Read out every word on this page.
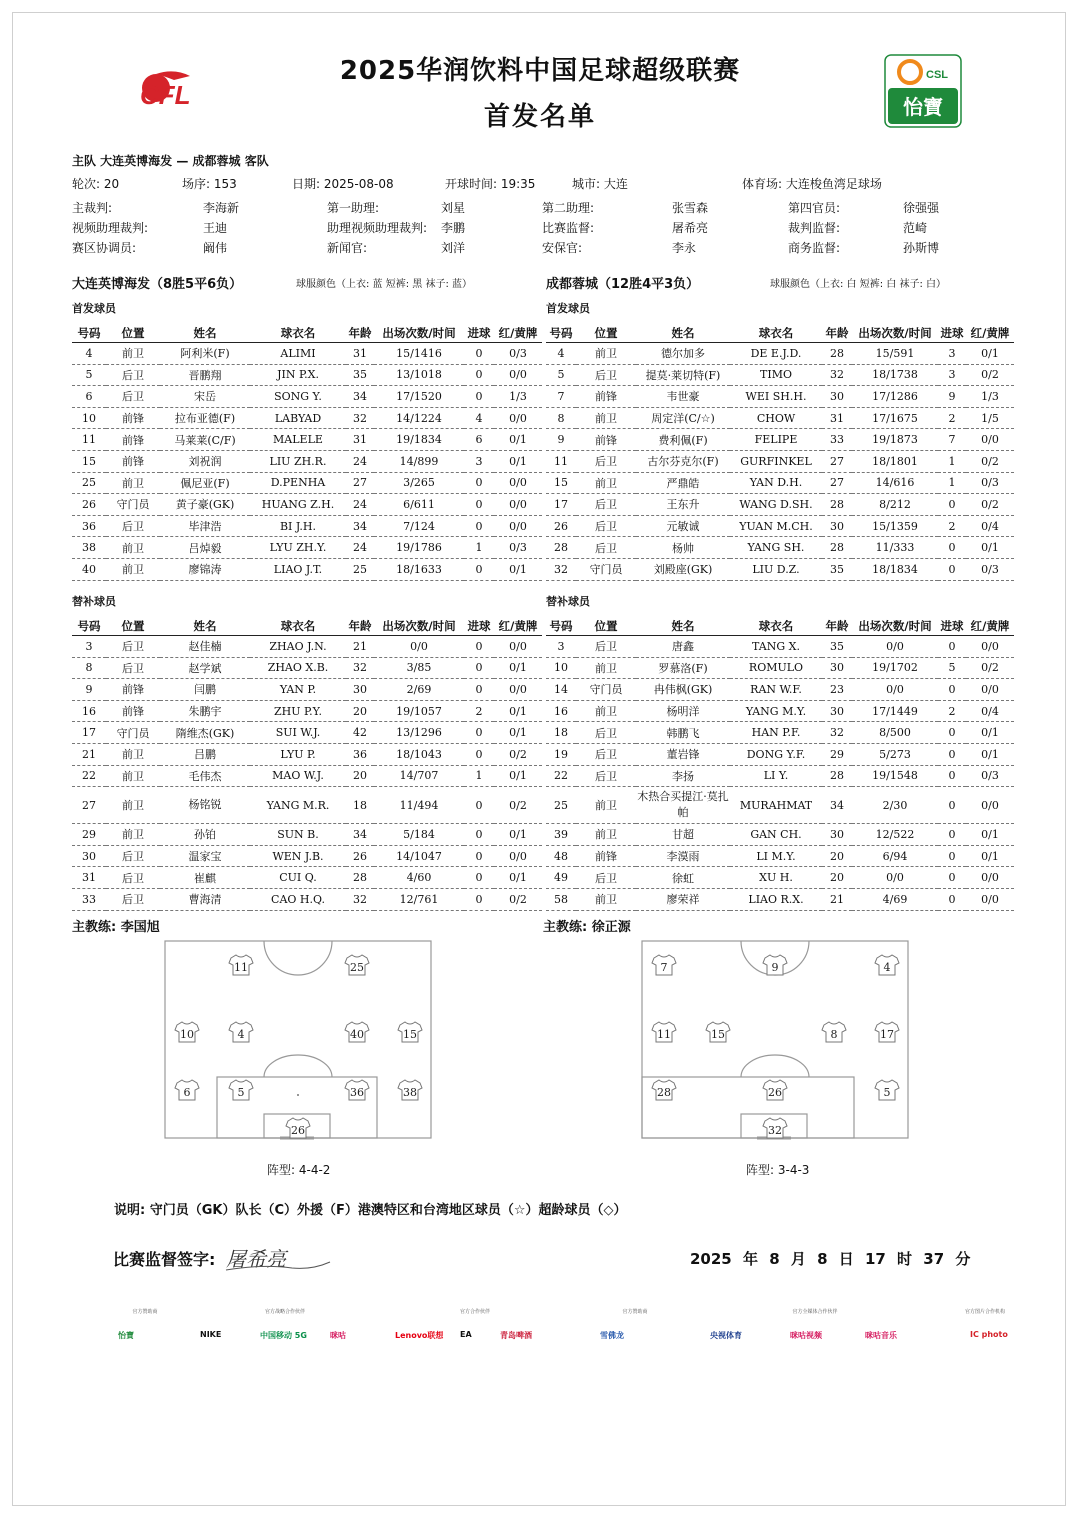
CFL
CSL
怡寶
2025华润饮料中国足球超级联赛
首发名单
主队 大连英博海发 — 成都蓉城 客队
轮次: 20	场序: 153	日期: 2025-08-08	开球时间: 19:35	城市: 大连	体育场: 大连梭鱼湾足球场
主裁判:	李海新	第一助理:	刘星	第二助理:	张雪森	第四官员:	徐强强
视频助理裁判:	王迪	助理视频助理裁判: 李鹏	比赛监督:	屠希亮	裁判监督:	范崎
赛区协调员:	阚伟	新闻官:	刘洋	安保官:	李永	商务监督:	孙斯博
大连英博海发（8胜5平6负）	球服颜色（上衣: 蓝 短裤: 黑 袜子: 蓝）
首发球员
成都蓉城（12胜4平3负）	球服颜色（上衣: 白 短裤: 白 袜子: 白）
首发球员
号码	位置	姓名	球衣名	年龄	出场次数/时间	进球	红/黄牌
4	前卫	阿利米(F)	ALIMI	31	15/1416	0	0/3
5	后卫	晋鹏翔	JIN P.X.	35	13/1018	0	0/0
6	后卫	宋岳	SONG Y.	34	17/1520	0	1/3
10	前锋	拉布亚德(F)	LABYAD	32	14/1224	4	0/0
11	前锋	马莱莱(C/F)	MALELE	31	19/1834	6	0/1
15	前锋	刘祝润	LIU ZH.R.	24	14/899	3	0/1
25	前卫	佩尼亚(F)	D.PENHA	27	3/265	0	0/0
26	守门员	黄子豪(GK)	HUANG Z.H.	24	6/611	0	0/0
36	后卫	毕津浩	BI J.H.	34	7/124	0	0/0
38	前卫	吕焯毅	LYU ZH.Y.	24	19/1786	1	0/3
40	前卫	廖锦涛	LIAO J.T.	25	18/1633	0	0/1
号码	位置	姓名	球衣名	年龄	出场次数/时间	进球	红/黄牌
4	前卫	德尔加多	DE E.J.D.	28	15/591	3	0/1
5	后卫	提莫·莱切特(F)	TIMO	32	18/1738	3	0/2
7	前锋	韦世豪	WEI SH.H.	30	17/1286	9	1/3
8	前卫	周定洋(C/☆)	CHOW	31	17/1675	2	1/5
9	前锋	费利佩(F)	FELIPE	33	19/1873	7	0/0
11	后卫	古尔芬克尔(F)	GURFINKEL	27	18/1801	1	0/2
15	前卫	严鼎皓	YAN D.H.	27	14/616	1	0/3
17	后卫	王东升	WANG D.SH.	28	8/212	0	0/2
26	后卫	元敏诚	YUAN M.CH.	30	15/1359	2	0/4
28	后卫	杨帅	YANG SH.	28	11/333	0	0/1
32	守门员	刘殿座(GK)	LIU D.Z.	35	18/1834	0	0/3
替补球员	替补球员
号码	位置	姓名	球衣名	年龄	出场次数/时间	进球	红/黄牌
3	后卫	赵佳楠	ZHAO J.N.	21	0/0	0	0/0
8	后卫	赵学斌	ZHAO X.B.	32	3/85	0	0/1
9	前锋	闫鹏	YAN P.	30	2/69	0	0/0
16	前锋	朱鹏宇	ZHU P.Y.	20	19/1057	2	0/1
17	守门员	隋维杰(GK)	SUI W.J.	42	13/1296	0	0/1
21	前卫	吕鹏	LYU P.	36	18/1043	0	0/2
22	前卫	毛伟杰	MAO W.J.	20	14/707	1	0/1
27	前卫	杨铭锐	YANG M.R.	18	11/494	0	0/2
29	前卫	孙铂	SUN B.	34	5/184	0	0/1
30	后卫	温家宝	WEN J.B.	26	14/1047	0	0/0
31	后卫	崔麒	CUI Q.	28	4/60	0	0/1
33	后卫	曹海清	CAO H.Q.	32	12/761	0	0/2
号码	位置	姓名	球衣名	年龄	出场次数/时间	进球	红/黄牌
3	后卫	唐鑫	TANG X.	35	0/0	0	0/0
10	前卫	罗慕洛(F)	ROMULO	30	19/1702	5	0/2
14	守门员	冉伟枫(GK)	RAN W.F.	23	0/0	0	0/0
16	前卫	杨明洋	YANG M.Y.	30	17/1449	2	0/4
18	后卫	韩鹏飞	HAN P.F.	32	8/500	0	0/1
19	后卫	董岩锋	DONG Y.F.	29	5/273	0	0/1
22	后卫	李扬	LI Y.	28	19/1548	0	0/3
25	前卫	木热合买提江·莫扎帕	MURAHMAT	34	2/30	0	0/0
39	前卫	甘超	GAN CH.	30	12/522	0	0/1
48	前锋	李漠雨	LI M.Y.	20	6/94	0	0/1
49	后卫	徐虹	XU H.	20	0/0	0	0/0
58	前卫	廖荣祥	LIAO R.X.	21	4/69	0	0/0
主教练: 李国旭	主教练: 徐正源
11	25
10	4	40	15
6	5	36	38
26
7	9	4
11	15	8	17
28	26	5
32
阵型: 4-4-2	阵型: 3-4-3
说明: 守门员（GK）队长（C）外援（F）港澳特区和台湾地区球员（☆）超龄球员（◇）
比赛监督签字: 屠希亮	2025 年 8 月 8 日 17 时 37 分
官方赞助商	官方战略合作伙伴	官方合作伙伴	官方赞助商	官方全媒体合作伙伴	官方图片合作机构
怡寶	NIKE	中国移动 5G	咪咕	Lenovo联想 EA	青岛啤酒	雪佛龙	央视体育	咪咕视频	咪咕音乐	IC photo
